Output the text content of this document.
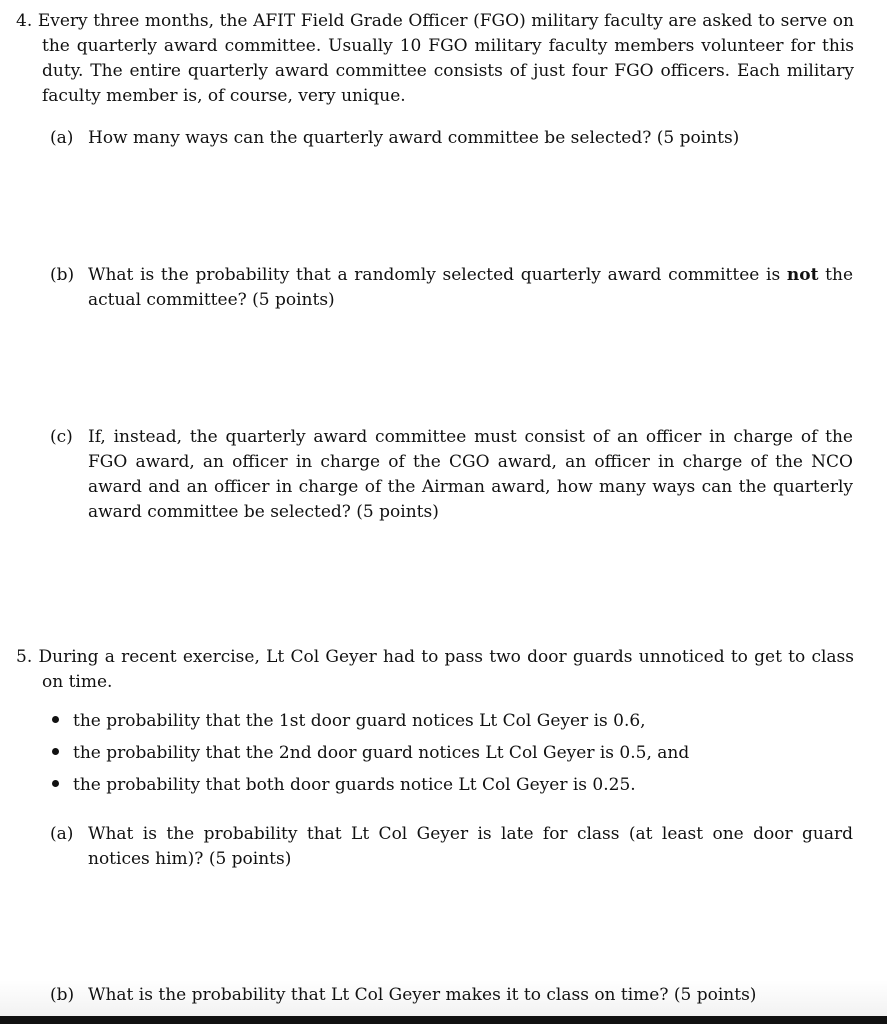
4. Every three months, the AFIT Field Grade Officer (FGO) military faculty are asked to serve on the quarterly award committee. Usually 10 FGO military faculty members volunteer for this duty. The entire quarterly award committee consists of just four FGO officers. Each military faculty member is, of course, very unique.
(a) How many ways can the quarterly award committee be selected? (5 points)
(b) What is the probability that a randomly selected quarterly award committee is not the actual committee? (5 points)
(c) If, instead, the quarterly award committee must consist of an officer in charge of the FGO award, an officer in charge of the CGO award, an officer in charge of the NCO award and an officer in charge of the Airman award, how many ways can the quarterly award committee be selected? (5 points)
5. During a recent exercise, Lt Col Geyer had to pass two door guards unnoticed to get to class on time.
the probability that the 1st door guard notices Lt Col Geyer is 0.6,
the probability that the 2nd door guard notices Lt Col Geyer is 0.5, and
the probability that both door guards notice Lt Col Geyer is 0.25.
(a) What is the probability that Lt Col Geyer is late for class (at least one door guard notices him)? (5 points)
(b) What is the probability that Lt Col Geyer makes it to class on time? (5 points)
